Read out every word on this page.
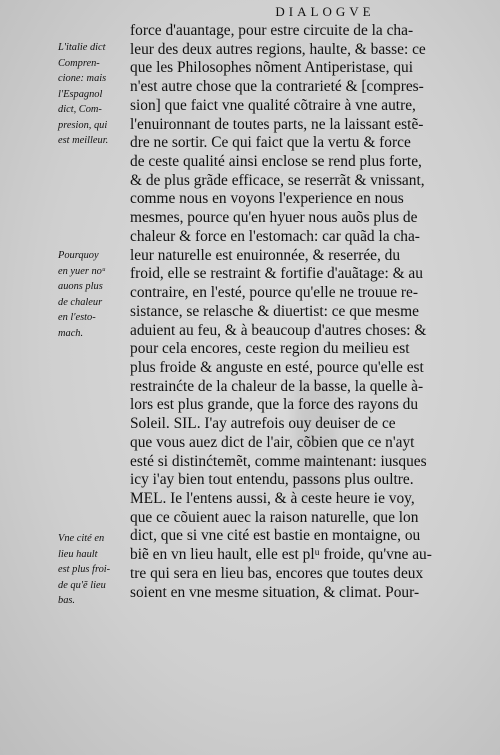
DIALOGVE
force d'auantage, pour estre circuite de la cha-
leur des deux autres regions, haulte, & basse: ce
que les Philosophes nõment Antiperistase, qui
n'est autre chose que la contrarieté & [compres-
sion] que faict vne qualité cõtraire à vne autre,
l'enuironnant de toutes parts, ne la laissant estẽ-
dre ne sortir. Ce qui faict que la vertu & force
de ceste qualité ainsi enclose se rend plus forte,
& de plus grãde efficace, se reserrãt & vnissant,
comme nous en voyons l'experience en nous
mesmes, pource qu'en hyuer nous auõs plus de
chaleur & force en l'estomach: car quãd la cha-
leur naturelle est enuironnée, & reserrée, du
froid, elle se restraint & fortifie d'auãtage: & au
contraire, en l'esté, pource qu'elle ne trouue re-
sistance, se relasche & diuertist: ce que mesme
aduient au feu, & à beaucoup d'autres choses: &
pour cela encores, ceste region du meilieu est
plus froide & anguste en esté, pource qu'elle est
restrainćte de la chaleur de la basse, la quelle à-
lors est plus grande, que la force des rayons du
Soleil. SIL. I'ay autrefois ouy deuiser de ce
que vous auez dict de l'air, cõbien que ce n'ayt
esté si distinćtemẽt, comme maintenant: iusques
icy i'ay bien tout entendu, passons plus oultre.
MEL. Ie l'entens aussi, & à ceste heure ie voy,
que ce cõuient auec la raison naturelle, que lon
dict, que si vne cité est bastie en montaigne, ou
biẽ en vn lieu hault, elle est plᵘ froide, qu'vne au-
tre qui sera en lieu bas, encores que toutes deux
soient en vne mesme situation, & climat. Pour-
L'italie dict
Compren-
cione: mais
l'Espagnol
dict, Com-
presion, qui
est meilleur.
Pourquoy
en yuer noᵘ
auons plus
de chaleur
en l'esto-
mach.
Vne cité en
lieu hault
est plus froi-
de qu'ẽ lieu
bas.
